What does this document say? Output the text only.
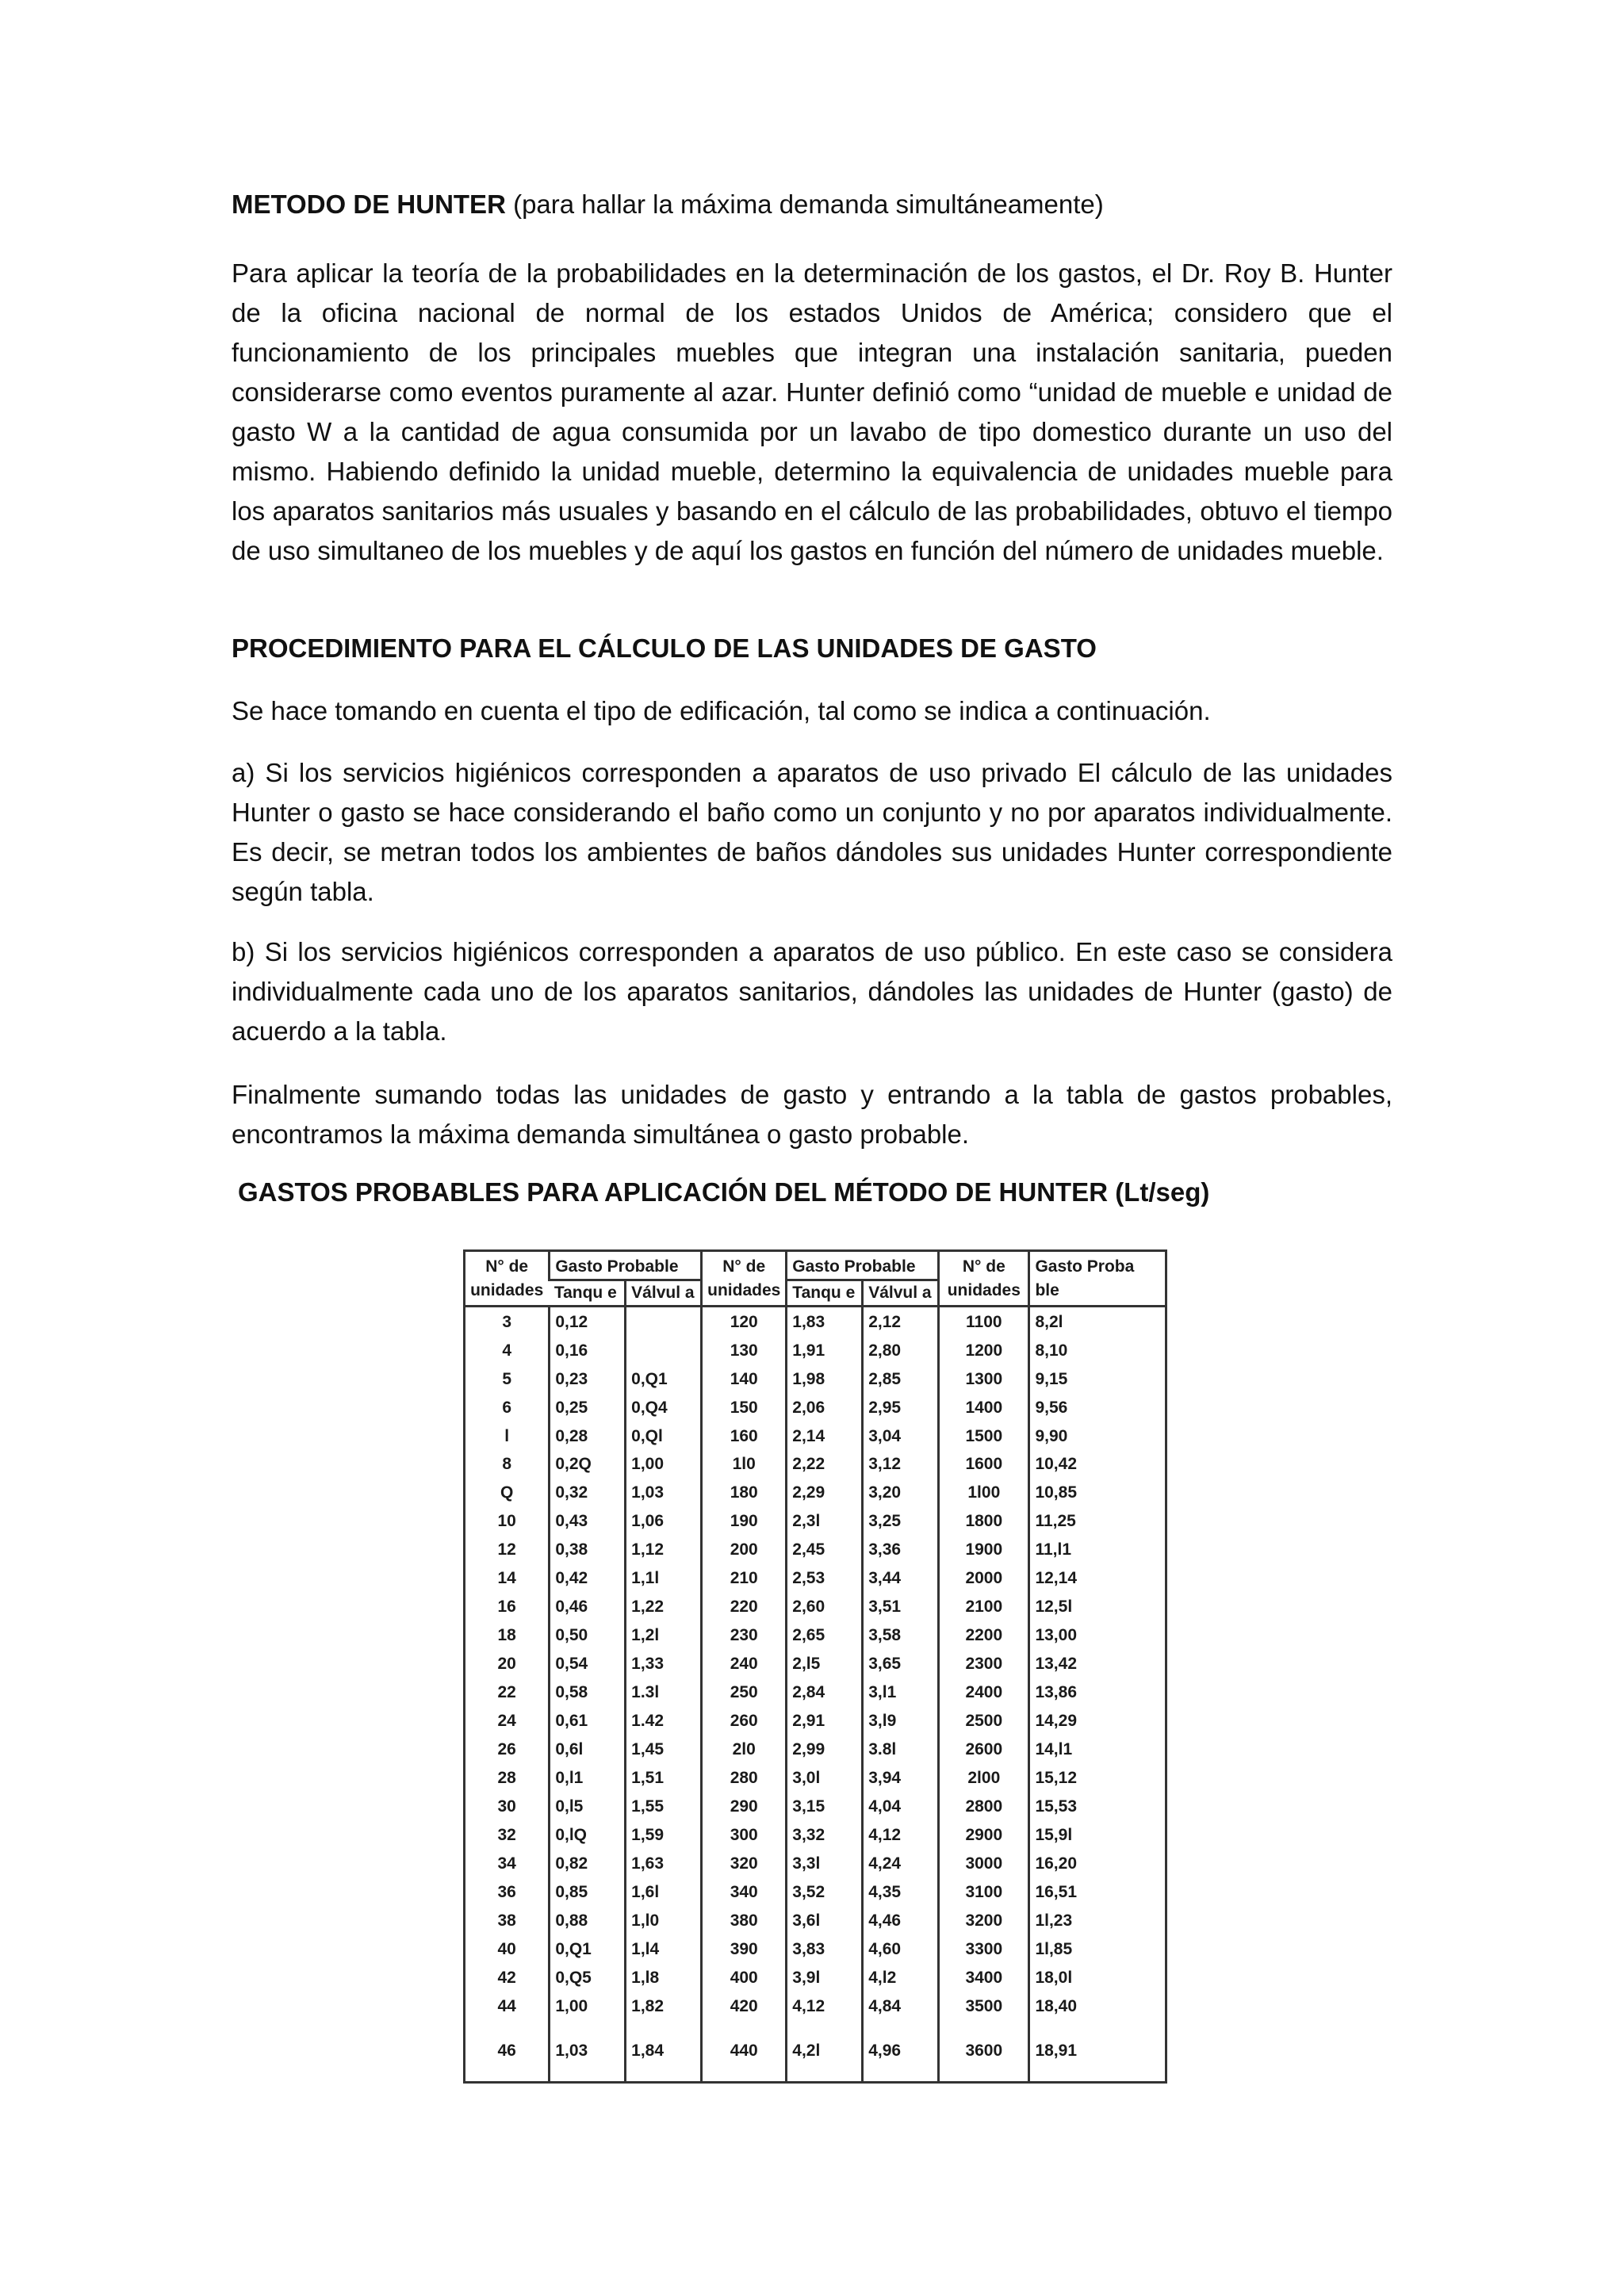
METODO DE HUNTER (para hallar la máxima demanda simultáneamente)
Para aplicar la teoría de la probabilidades en la determinación de los gastos, el Dr. Roy B. Hunter de la oficina nacional de normal de los estados Unidos de América; considero que el funcionamiento de los principales muebles que integran una instalación sanitaria, pueden considerarse como eventos puramente al azar. Hunter definió como “unidad de mueble e unidad de gasto W a la cantidad de agua consumida por un lavabo de tipo domestico durante un uso del mismo. Habiendo definido la unidad mueble, determino la equivalencia de unidades mueble para los aparatos sanitarios más usuales y basando en el cálculo de las probabilidades, obtuvo el tiempo de uso simultaneo de los muebles y de aquí los gastos en función del número de unidades mueble.
PROCEDIMIENTO PARA EL CÁLCULO DE LAS UNIDADES DE GASTO
Se hace tomando en cuenta el tipo de edificación, tal como se indica a continuación.
a) Si los servicios higiénicos corresponden a aparatos de uso privado El cálculo de las unidades Hunter o gasto se hace considerando el baño como un conjunto y no por aparatos individualmente. Es decir, se metran todos los ambientes de baños dándoles sus unidades Hunter correspondiente según tabla.
b) Si los servicios higiénicos corresponden a aparatos de uso público. En este caso se considera individualmente cada uno de los aparatos sanitarios, dándoles las unidades de Hunter (gasto) de acuerdo a la tabla.
Finalmente sumando todas las unidades de gasto y entrando a la tabla de gastos probables, encontramos la máxima demanda simultánea o gasto probable.
GASTOS PROBABLES PARA APLICACIÓN DEL MÉTODO DE HUNTER (Lt/seg)
N° de unidades	Gasto Probable		N° de unidades	Gasto Probable		N° de unidades	Gasto Proba ble
	Tanqu e	Válvul a		Tanqu e	Válvul a		
3	0,12		120	1,83	2,12	1100	8,2l
4	0,16		130	1,91	2,80	1200	8,10
5	0,23	0,Q1	140	1,98	2,85	1300	9,15
6	0,25	0,Q4	150	2,06	2,95	1400	9,56
l	0,28	0,Ql	160	2,14	3,04	1500	9,90
8	0,2Q	1,00	1l0	2,22	3,12	1600	10,42
Q	0,32	1,03	180	2,29	3,20	1l00	10,85
10	0,43	1,06	190	2,3l	3,25	1800	11,25
12	0,38	1,12	200	2,45	3,36	1900	11,l1
14	0,42	1,1l	210	2,53	3,44	2000	12,14
16	0,46	1,22	220	2,60	3,51	2100	12,5l
18	0,50	1,2l	230	2,65	3,58	2200	13,00
20	0,54	1,33	240	2,l5	3,65	2300	13,42
22	0,58	1.3l	250	2,84	3,l1	2400	13,86
24	0,61	1.42	260	2,91	3,l9	2500	14,29
26	0,6l	1,45	2l0	2,99	3.8l	2600	14,l1
28	0,l1	1,51	280	3,0l	3,94	2l00	15,12
30	0,l5	1,55	290	3,15	4,04	2800	15,53
32	0,lQ	1,59	300	3,32	4,12	2900	15,9l
34	0,82	1,63	320	3,3l	4,24	3000	16,20
36	0,85	1,6l	340	3,52	4,35	3100	16,51
38	0,88	1,l0	380	3,6l	4,46	3200	1l,23
40	0,Q1	1,l4	390	3,83	4,60	3300	1l,85
42	0,Q5	1,l8	400	3,9l	4,l2	3400	18,0l
44	1,00	1,82	420	4,12	4,84	3500	18,40
46	1,03	1,84	440	4,2l	4,96	3600	18,91
